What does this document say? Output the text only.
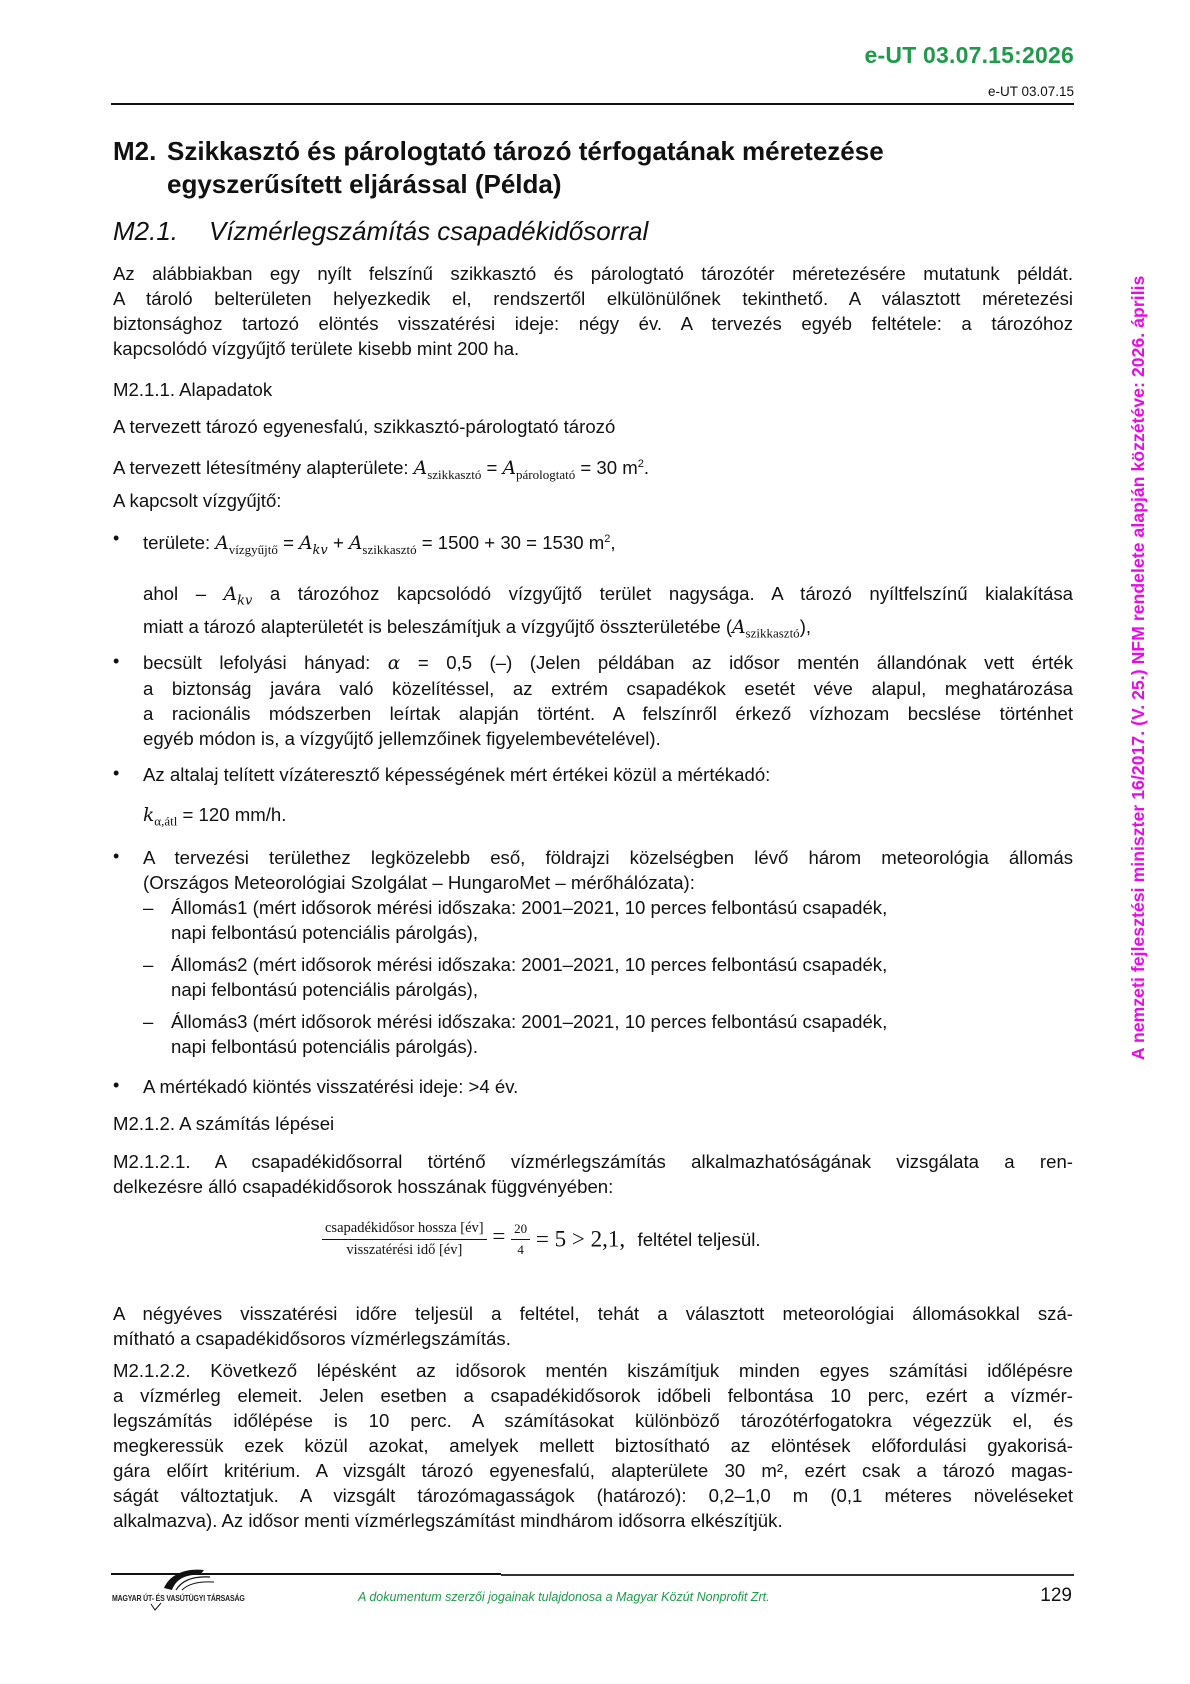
e-UT 03.07.15:2026
e-UT 03.07.15
A nemzeti fejlesztési miniszter 16/2017. (V. 25.) NFM rendelete alapján közzétéve: 2026. április
M2. Szikkasztó és párologtató tározó térfogatának méretezése
egyszerűsített eljárással (Példa)
M2.1. Vízmérlegszámítás csapadékidősorral
Az alábbiakban egy nyílt felszínű szikkasztó és párologtató tározótér méretezésére mutatunk példát.
A tároló belterületen helyezkedik el, rendszertől elkülönülőnek tekinthető. A választott méretezési
biztonsághoz tartozó elöntés visszatérési ideje: négy év. A tervezés egyéb feltétele: a tározóhoz
kapcsolódó vízgyűjtő területe kisebb mint 200 ha.
M2.1.1. Alapadatok
A tervezett tározó egyenesfalú, szikkasztó-párologtató tározó
A tervezett létesítmény alapterülete: $A_{szikkasztó} = A_{párologtató} = 30$ $m^2$.
A kapcsolt vízgyűjtő:
• területe: $A_{vízgyűjtő} = A_{kv} + A_{szikkasztó} = 1500 + 30 = 1530$ $m^2$,
ahol – $A_{kv}$ a tározóhoz kapcsolódó vízgyűjtő terület nagysága. A tározó nyíltfelszínű kialakítása
miatt a tározó alapterületét is beleszámítjuk a vízgyűjtő összterületébe $(A_{szikkasztó})$,
• becsült lefolyási hányad: α = 0,5 (–) (Jelen példában az idősor mentén állandónak vett érték
a biztonság javára való közelítéssel, az extrém csapadékok esetét véve alapul, meghatározása
a racionális módszerben leírtak alapján történt. A felszínről érkező vízhozam becslése történhet
egyéb módon is, a vízgyűjtő jellemzőinek figyelembevételével).
• Az altalaj telített vízáteresztő képességének mért értékei közül a mértékadó:
$k_{\alpha,átl} = 120$ mm/h.
• A tervezési területhez legközelebb eső, földrajzi közelségben lévő három meteorológia állomás
(Országos Meteorológiai Szolgálat – HungaroMet – mérőhálózata):
– Állomás1 (mért idősorok mérési időszaka: 2001–2021, 10 perces felbontású csapadék,
napi felbontású potenciális párolgás),
– Állomás2 (mért idősorok mérési időszaka: 2001–2021, 10 perces felbontású csapadék,
napi felbontású potenciális párolgás),
– Állomás3 (mért idősorok mérési időszaka: 2001–2021, 10 perces felbontású csapadék,
napi felbontású potenciális párolgás).
• A mértékadó kiöntés visszatérési ideje: >4 év.
M2.1.2. A számítás lépései
M2.1.2.1. A csapadékidősorral történő vízmérlegszámítás alkalmazhatóságának vizsgálata a ren-
delkezésre álló csapadékidősorok hosszának függvényében:
$\frac{\text{csapadékidősor hossza [év]}}{\text{visszatérési idő [év]}} = \frac{20}{4} = 5 > 2,1$, feltétel teljesül.
A négyéves visszatérési időre teljesül a feltétel, tehát a választott meteorológiai állomásokkal szá-
mítható a csapadékidősoros vízmérlegszámítás.
M2.1.2.2. Következő lépésként az idősorok mentén kiszámítjuk minden egyes számítási időlépésre
a vízmérleg elemeit. Jelen esetben a csapadékidősorok időbeli felbontása 10 perc, ezért a vízmér-
legszámítás időlépése is 10 perc. A számításokat különböző tározótérfogatokra végezzük el, és
megkeressük ezek közül azokat, amelyek mellett biztosítható az elöntések előfordulási gyakorisá-
gára előírt kritérium. A vizsgált tározó egyenesfalú, alapterülete 30 m², ezért csak a tározó magas-
ságát változtatjuk. A vizsgált tározómagasságok (határozó): 0,2–1,0 m (0,1 méteres növeléseket
alkalmazva). Az idősor menti vízmérlegszámítást mindhárom idősorra elkészítjük.
MAGYAR ÚT- ÉS VASÚTÜGYI TÁRSASÁG	A dokumentum szerzői jogainak tulajdonosa a Magyar Közút Nonprofit Zrt.	129
